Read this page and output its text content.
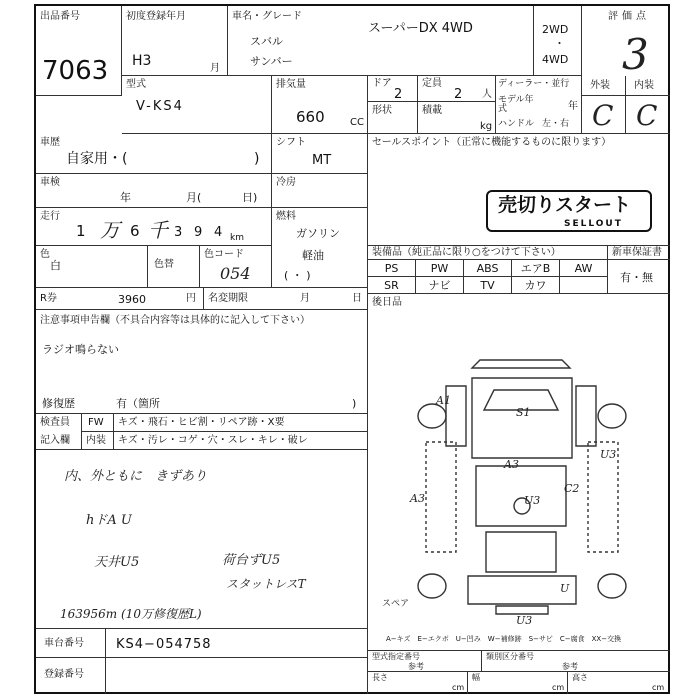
出品番号
7063
初度登録年月
H3	月
車名・グレード
スーパーDX 4WD
スバル
サンバー
2WD
・
4WD
評価点
3
型式
V-KS4
排気量
660	CC
ドア
2
定員
2 人
形状	積載
kg
ディーラー・並行
モデル年式	年
ハンドル 左・右
外装 内装
C C
車歴
自家用・(	)
シフト
MT
セールスポイント（正常に機能するものに限ります）
売切りスタート
SELLOUT
車検
年	月(	日)
冷房
走行
1 万 6 千 3 9 4 km
燃料
ガソリン
軽油
( ・ )
色
白	色替
色コード
054
装備品（純正品に限り○をつけて下さい）	新車保証書
PS	PW	ABS	エアB	AW
SR	ナビ	TV	カワ
有・無
R券	3960	円 名変期限	月	日 後日品
注意事項申告欄（不具合内容等は具体的に記入して下さい）
ラジオ鳴らない
修復歴	有（箇所	)
検査員
記入欄
FW キズ・飛石・ヒビ割・リペア跡・X要
内装 キズ・汚レ・コゲ・穴・スレ・キレ・破レ
内、外ともに　きずあり
hドA U
天井U5	荷台ずU5
スタットレスT
163956m (10万修復歴L)
S1
A1
A3
U3
A3
C2
U
U3
U3
スペア
A−キズ　E−エクボ　U−凹み　W−補修跡　S−サビ　C−腐食　XX−交換
車台番号 KS4−054758
登録番号
型式指定番号
参考
類別区分番号
参考
長さ
cm
幅
cm
高さ
cm
